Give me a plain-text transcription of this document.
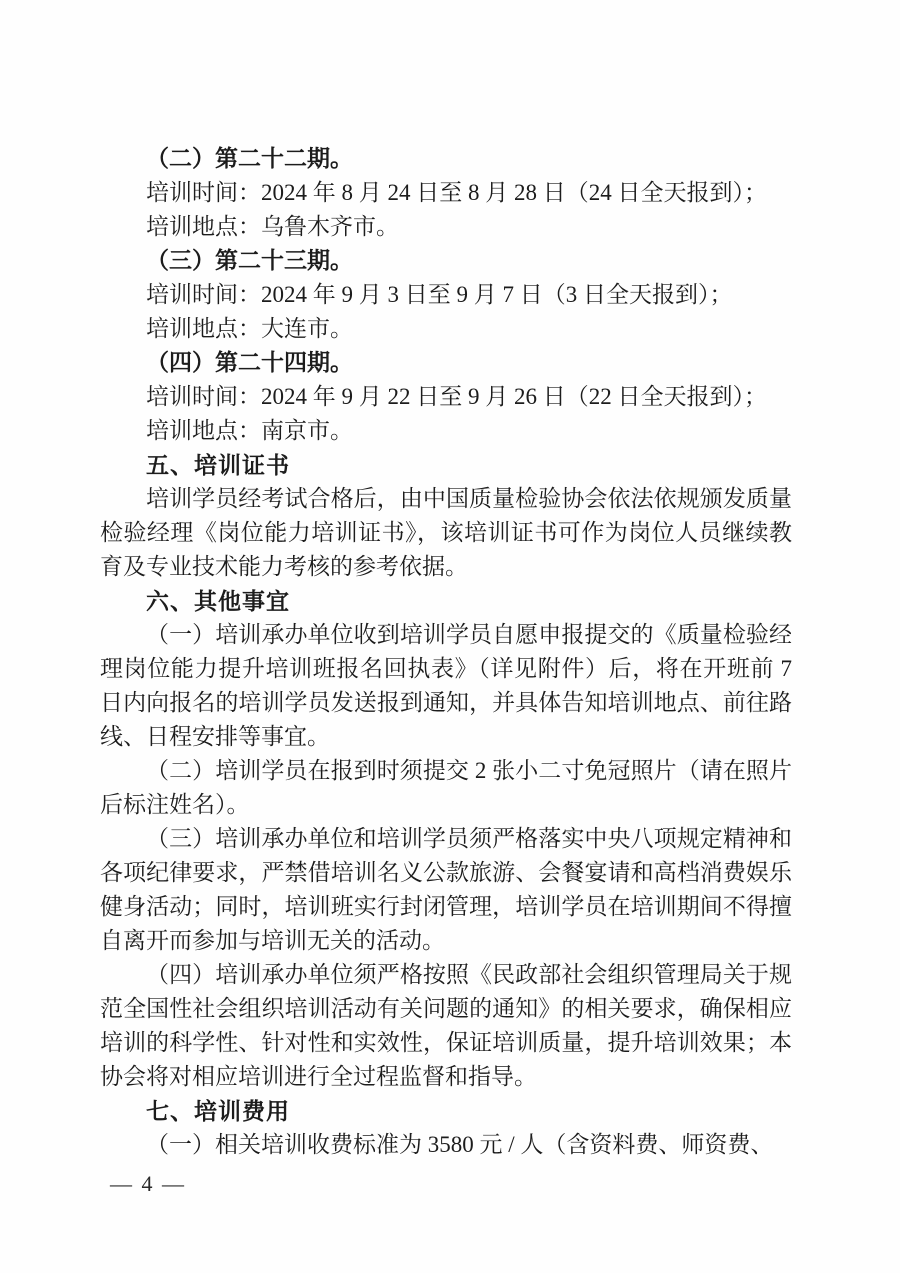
（二）第二十二期。

培训时间：2024 年 8 月 24 日至 8 月 28 日（24 日全天报到）；

培训地点：乌鲁木齐市。

（三）第二十三期。

培训时间：2024 年 9 月 3 日至 9 月 7 日（3 日全天报到）；

培训地点：大连市。

（四）第二十四期。

培训时间：2024 年 9 月 22 日至 9 月 26 日（22 日全天报到）；

培训地点：南京市。

五、培训证书

培训学员经考试合格后，由中国质量检验协会依法依规颁发质量检验经理《岗位能力培训证书》，该培训证书可作为岗位人员继续教育及专业技术能力考核的参考依据。

六、其他事宜

（一）培训承办单位收到培训学员自愿申报提交的《质量检验经理岗位能力提升培训班报名回执表》（详见附件）后，将在开班前 7 日内向报名的培训学员发送报到通知，并具体告知培训地点、前往路线、日程安排等事宜。

（二）培训学员在报到时须提交 2 张小二寸免冠照片（请在照片后标注姓名）。

（三）培训承办单位和培训学员须严格落实中央八项规定精神和各项纪律要求，严禁借培训名义公款旅游、会餐宴请和高档消费娱乐健身活动；同时，培训班实行封闭管理，培训学员在培训期间不得擅自离开而参加与培训无关的活动。

（四）培训承办单位须严格按照《民政部社会组织管理局关于规范全国性社会组织培训活动有关问题的通知》的相关要求，确保相应培训的科学性、针对性和实效性，保证培训质量，提升培训效果；本协会将对相应培训进行全过程监督和指导。

七、培训费用

（一）相关培训收费标准为 3580 元 / 人（含资料费、师资费、

— 4 —
